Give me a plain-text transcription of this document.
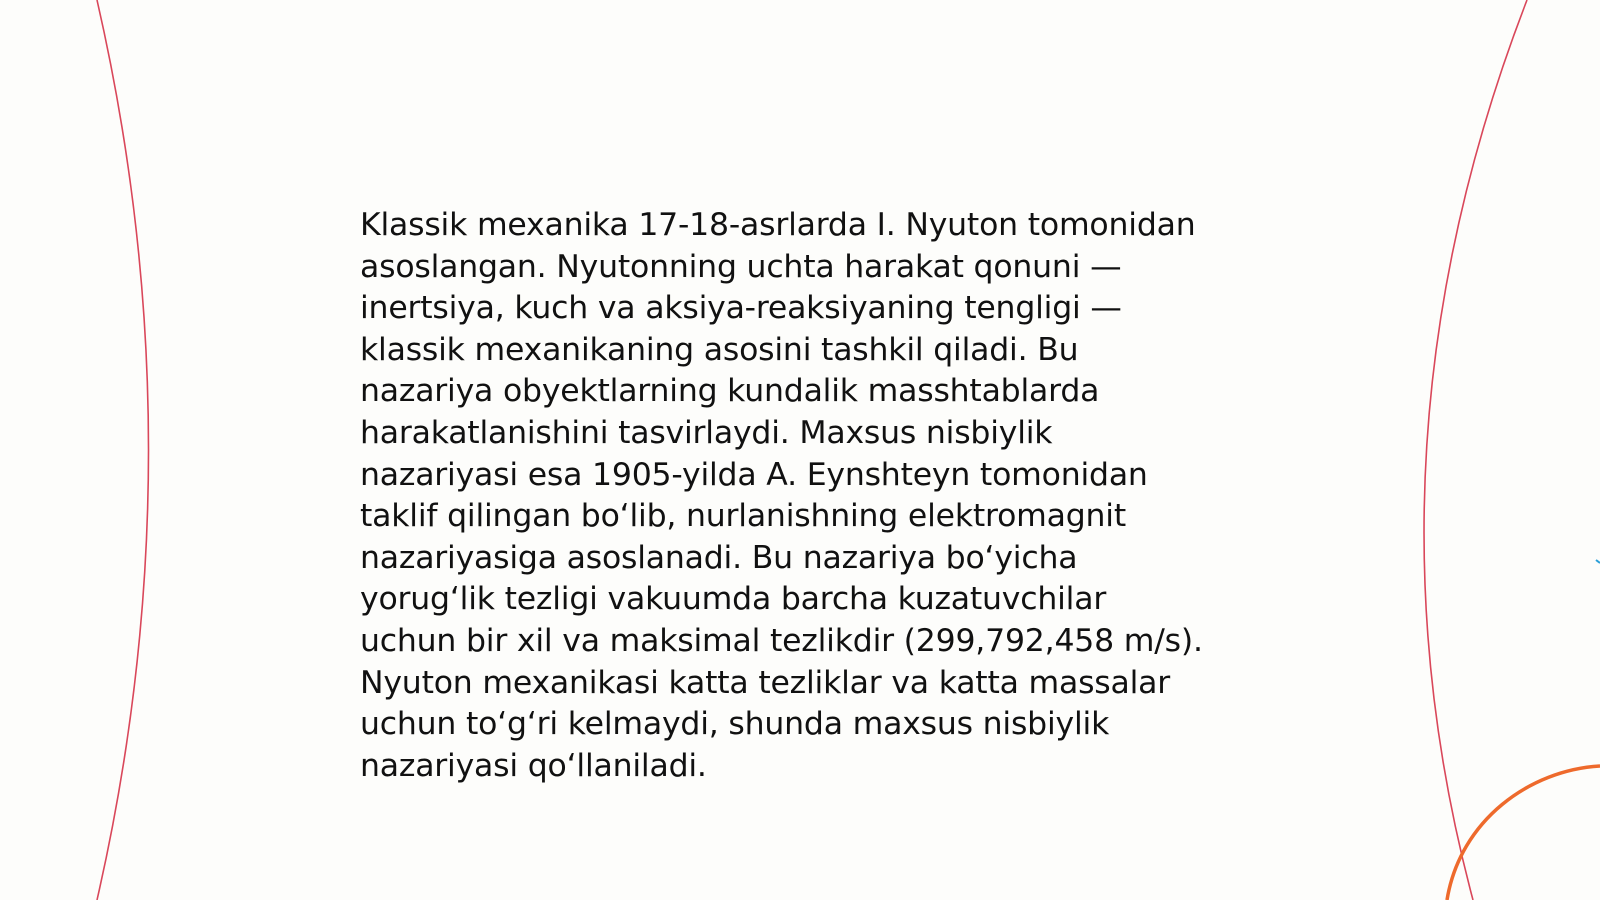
Klassik mexanika 17-18-asrlarda I. Nyuton tomonidan
asoslangan. Nyutonning uchta harakat qonuni —
inertsiya, kuch va aksiya-reaksiyaning tengligi —
klassik mexanikaning asosini tashkil qiladi. Bu
nazariya obyektlarning kundalik masshtablarda
harakatlanishini tasvirlaydi. Maxsus nisbiylik
nazariyasi esa 1905-yilda A. Eynshteyn tomonidan
taklif qilingan bo‘lib, nurlanishning elektromagnit
nazariyasiga asoslanadi. Bu nazariya bo‘yicha
yorug‘lik tezligi vakuumda barcha kuzatuvchilar
uchun bir xil va maksimal tezlikdir (299,792,458 m/s).
Nyuton mexanikasi katta tezliklar va katta massalar
uchun to‘g‘ri kelmaydi, shunda maxsus nisbiylik
nazariyasi qo‘llaniladi.
